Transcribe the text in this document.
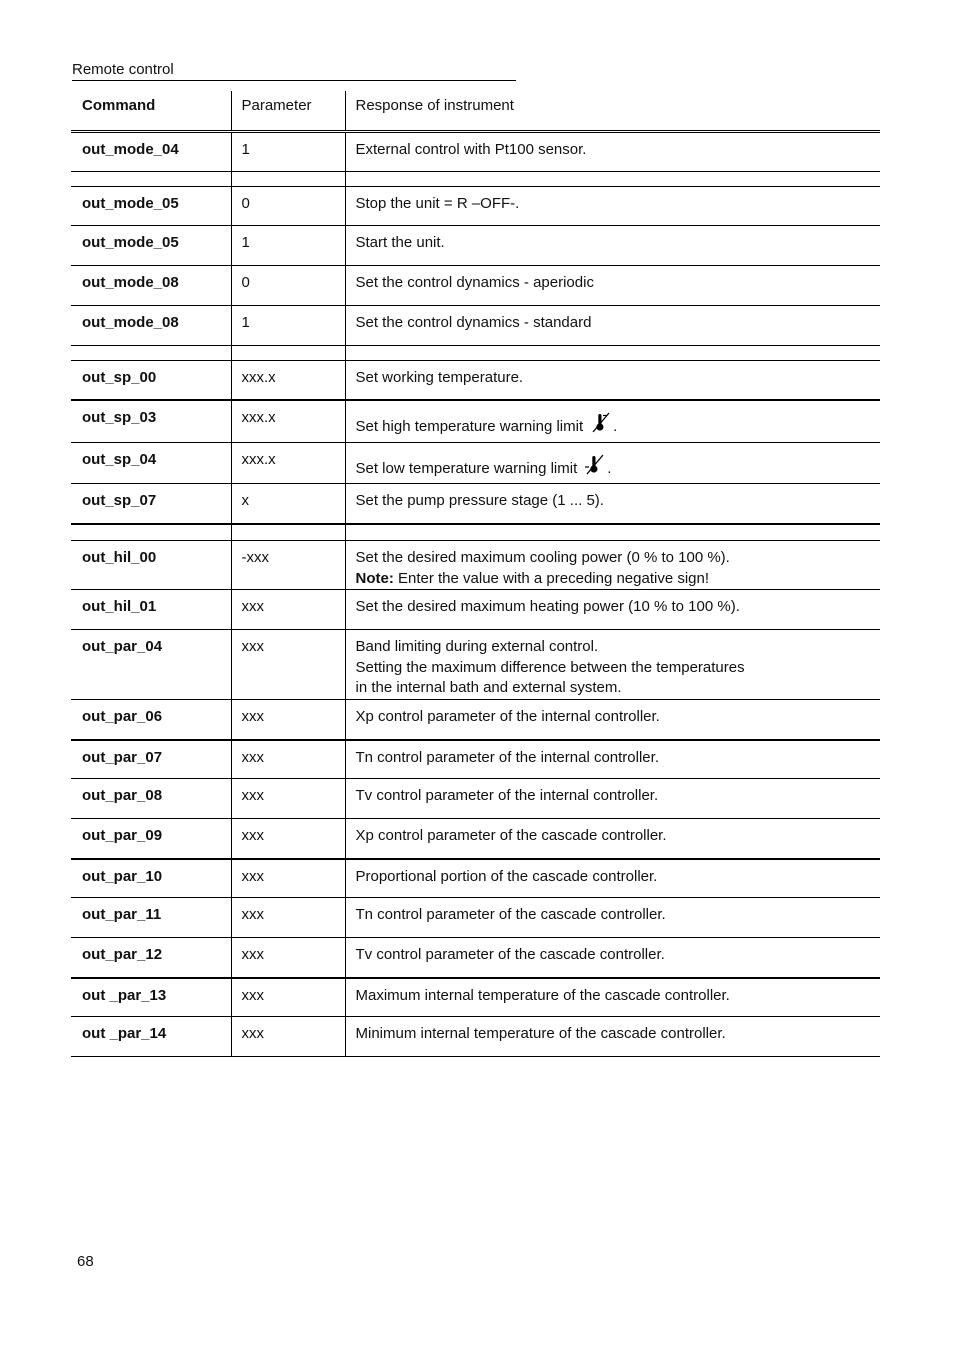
Remote control
Command	Parameter	Response of instrument
out_mode_04	1	External control with Pt100 sensor.

out_mode_05	0	Stop the unit = R –OFF-.
out_mode_05	1	Start the unit.
out_mode_08	0	Set the control dynamics - aperiodic
out_mode_08	1	Set the control dynamics - standard

out_sp_00	xxx.x	Set working temperature.
out_sp_03	xxx.x	Set high temperature warning limit .
out_sp_04	xxx.x	Set low temperature warning limit .
out_sp_07	x	Set the pump pressure stage (1 ... 5).

out_hil_00	-xxx	Set the desired maximum cooling power (0 % to 100 %).
Note: Enter the value with a preceding negative sign!

out_hil_01	xxx	Set the desired maximum heating power (10 % to 100 %).
out_par_04	xxx	Band limiting during external control.
Setting the maximum difference between the temperatures
in the internal bath and external system.

out_par_06	xxx	Xp control parameter of the internal controller.
out_par_07	xxx	Tn control parameter of the internal controller.
out_par_08	xxx	Tv control parameter of the internal controller.
out_par_09	xxx	Xp control parameter of the cascade controller.
out_par_10	xxx	Proportional portion of the cascade controller.
out_par_11	xxx	Tn control parameter of the cascade controller.
out_par_12	xxx	Tv control parameter of the cascade controller.
out _par_13	xxx	Maximum internal temperature of the cascade controller.
out _par_14	xxx	Minimum internal temperature of the cascade controller.
68
